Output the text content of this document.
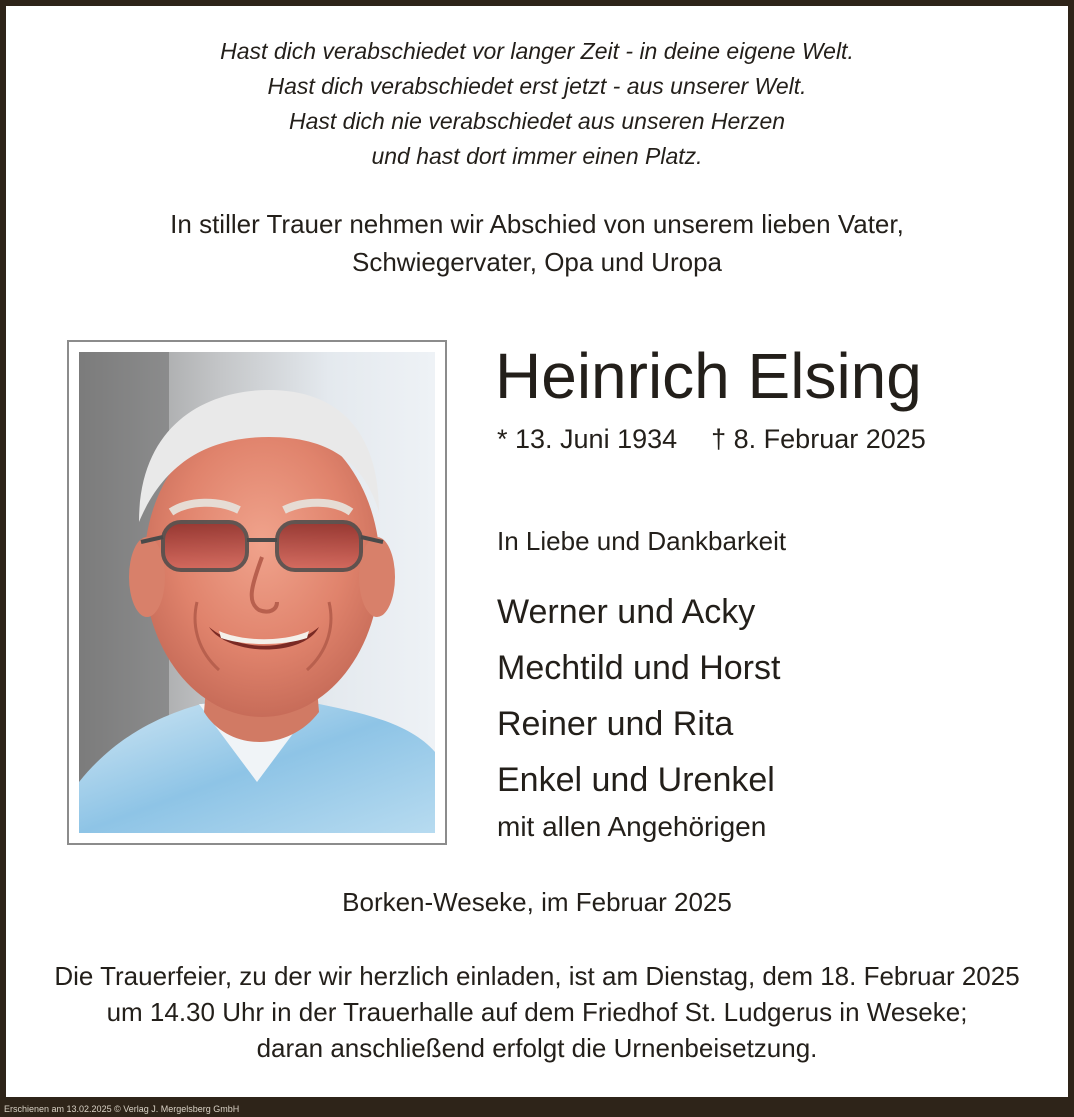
Hast dich verabschiedet vor langer Zeit - in deine eigene Welt.
Hast dich verabschiedet erst jetzt - aus unserer Welt.
Hast dich nie verabschiedet aus unseren Herzen
und hast dort immer einen Platz.
In stiller Trauer nehmen wir Abschied von unserem lieben Vater,
Schwiegervater, Opa und Uropa
Heinrich Elsing
* 13. Juni 1934 † 8. Februar 2025
In Liebe und Dankbarkeit
Werner und Acky
Mechtild und Horst
Reiner und Rita
Enkel und Urenkel
mit allen Angehörigen
Borken-Weseke, im Februar 2025
Die Trauerfeier, zu der wir herzlich einladen, ist am Dienstag, dem 18. Februar 2025
um 14.30 Uhr in der Trauerhalle auf dem Friedhof St. Ludgerus in Weseke;
daran anschließend erfolgt die Urnenbeisetzung.
Erschienen am 13.02.2025 © Verlag J. Mergelsberg GmbH
